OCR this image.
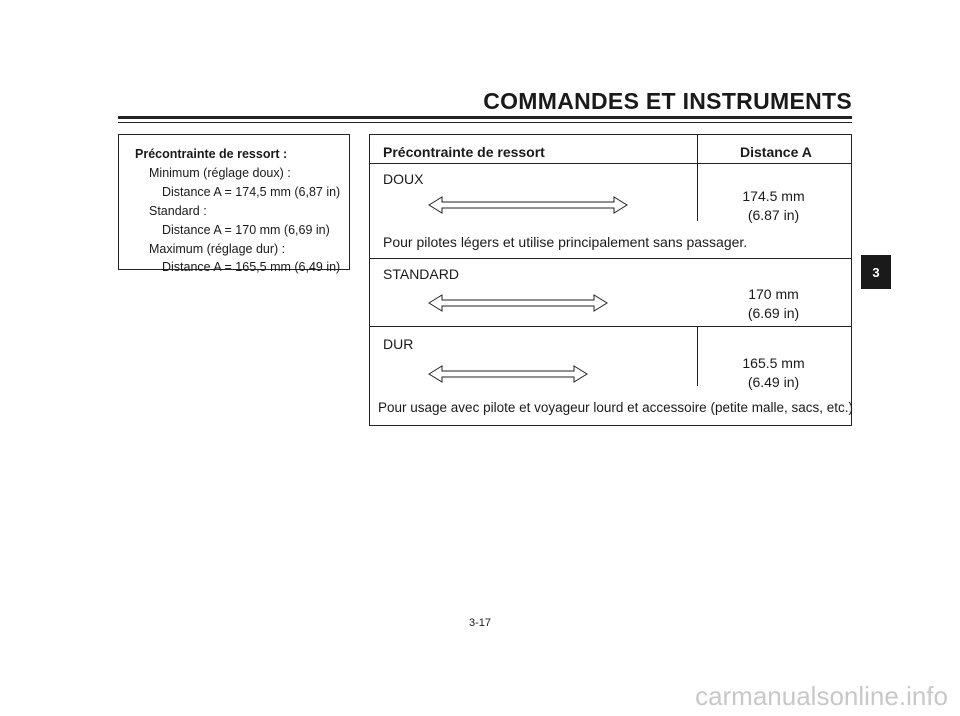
COMMANDES ET INSTRUMENTS
Précontrainte de ressort :
Minimum (réglage doux) :
Distance A = 174,5 mm (6,87 in)
Standard :
Distance A = 170 mm (6,69 in)
Maximum (réglage dur) :
Distance A = 165,5 mm (6,49 in)	3
Précontrainte de ressort	Distance A
DOUX
174.5 mm
(6.87 in)
Pour pilotes légers et utilise principalement sans passager.
STANDARD
170 mm
(6.69 in)
DUR
165.5 mm
(6.49 in)
Pour usage avec pilote et voyageur lourd et accessoire (petite malle, sacs, etc.)
3-17
carmanualsonline.info
